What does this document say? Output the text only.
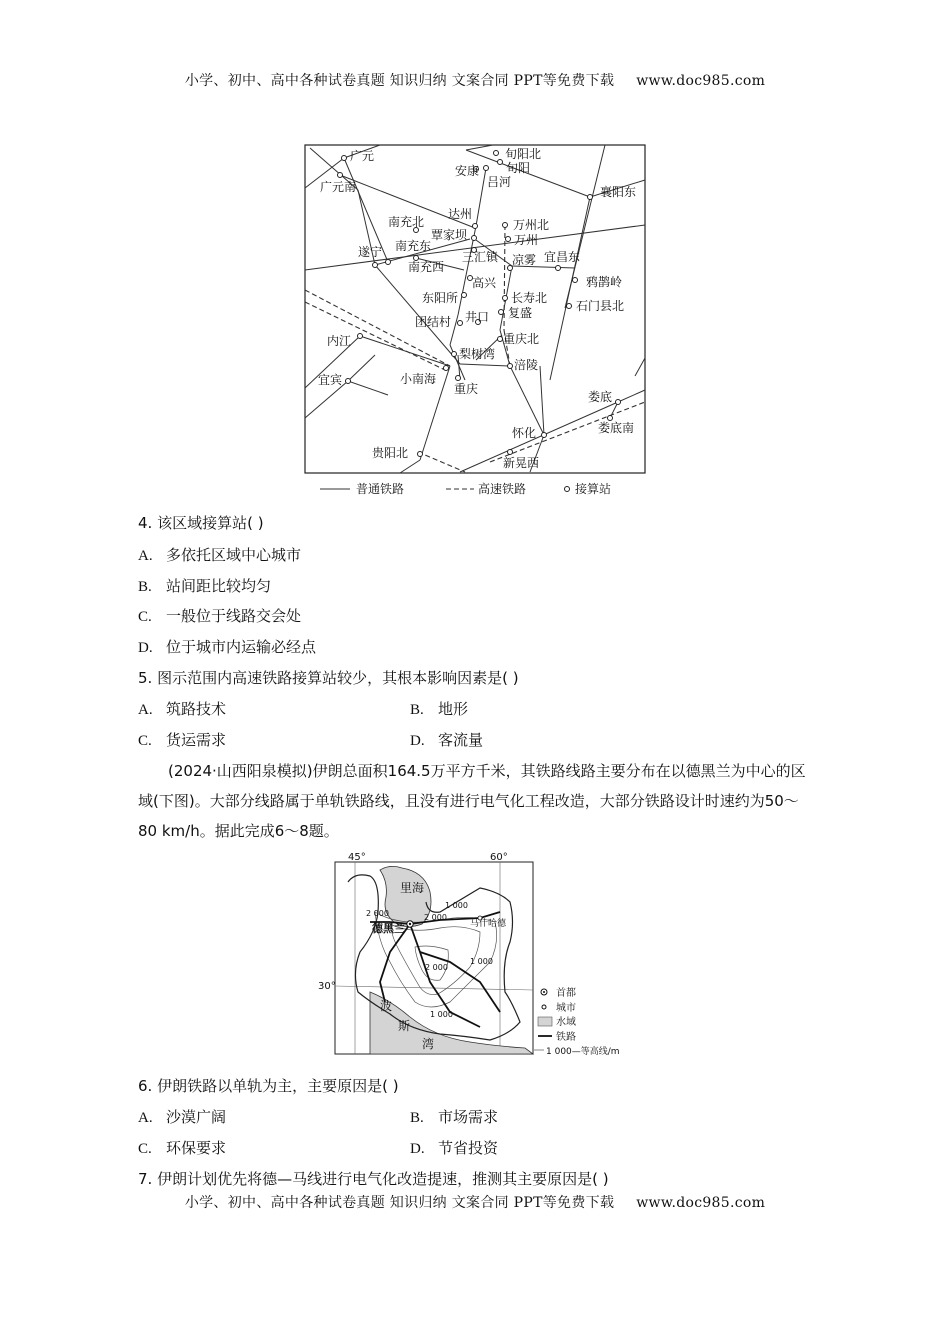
小学、初中、高中各种试卷真题 知识归纳 文案合同 PPT等免费下载 www.doc985.com
广元
广元南
旬阳北
旬阳
安康
吕河
襄阳东
达州
万州北
南充北
覃家坝	万州
遂宁 南充东
三汇镇	宜昌东
南充西	凉雾
高兴	鸦鹊岭
东阳所	长寿北
石门县北
团结村 井口 复盛
内江	重庆北
梨树湾
涪陵
宜宾	小南海
重庆
娄底
怀化	娄底南
贵阳北
新晃西
普通铁路	高速铁路	接算站
4. 该区域接算站( )
A. 多依托区域中心城市
B. 站间距比较均匀
C. 一般位于线路交会处
D. 位于城市内运输必经点
5. 图示范围内高速铁路接算站较少，其根本影响因素是( )
A. 筑路技术	B. 地形
C. 货运需求	D. 客流量
(2024·山西阳泉模拟)伊朗总面积164.5万平方千米，其铁路线路主要分布在以德黑兰为中心的区域(下图)。大部分线路属于单轨铁路线，且没有进行电气化工程改造，大部分铁路设计时速约为50～80 km/h。据此完成6～8题。
45°	60°
30°
里海
德黑兰	马什哈德
波
斯
湾
1 000
2 000	2 000
2 000
1 000
1 000
首都
城市
水域
铁路
1 000—等高线/m
6. 伊朗铁路以单轨为主，主要原因是( )
A. 沙漠广阔	B. 市场需求
C. 环保要求	D. 节省投资
7. 伊朗计划优先将德—马线进行电气化改造提速，推测其主要原因是( )
小学、初中、高中各种试卷真题 知识归纳 文案合同 PPT等免费下载 www.doc985.com
